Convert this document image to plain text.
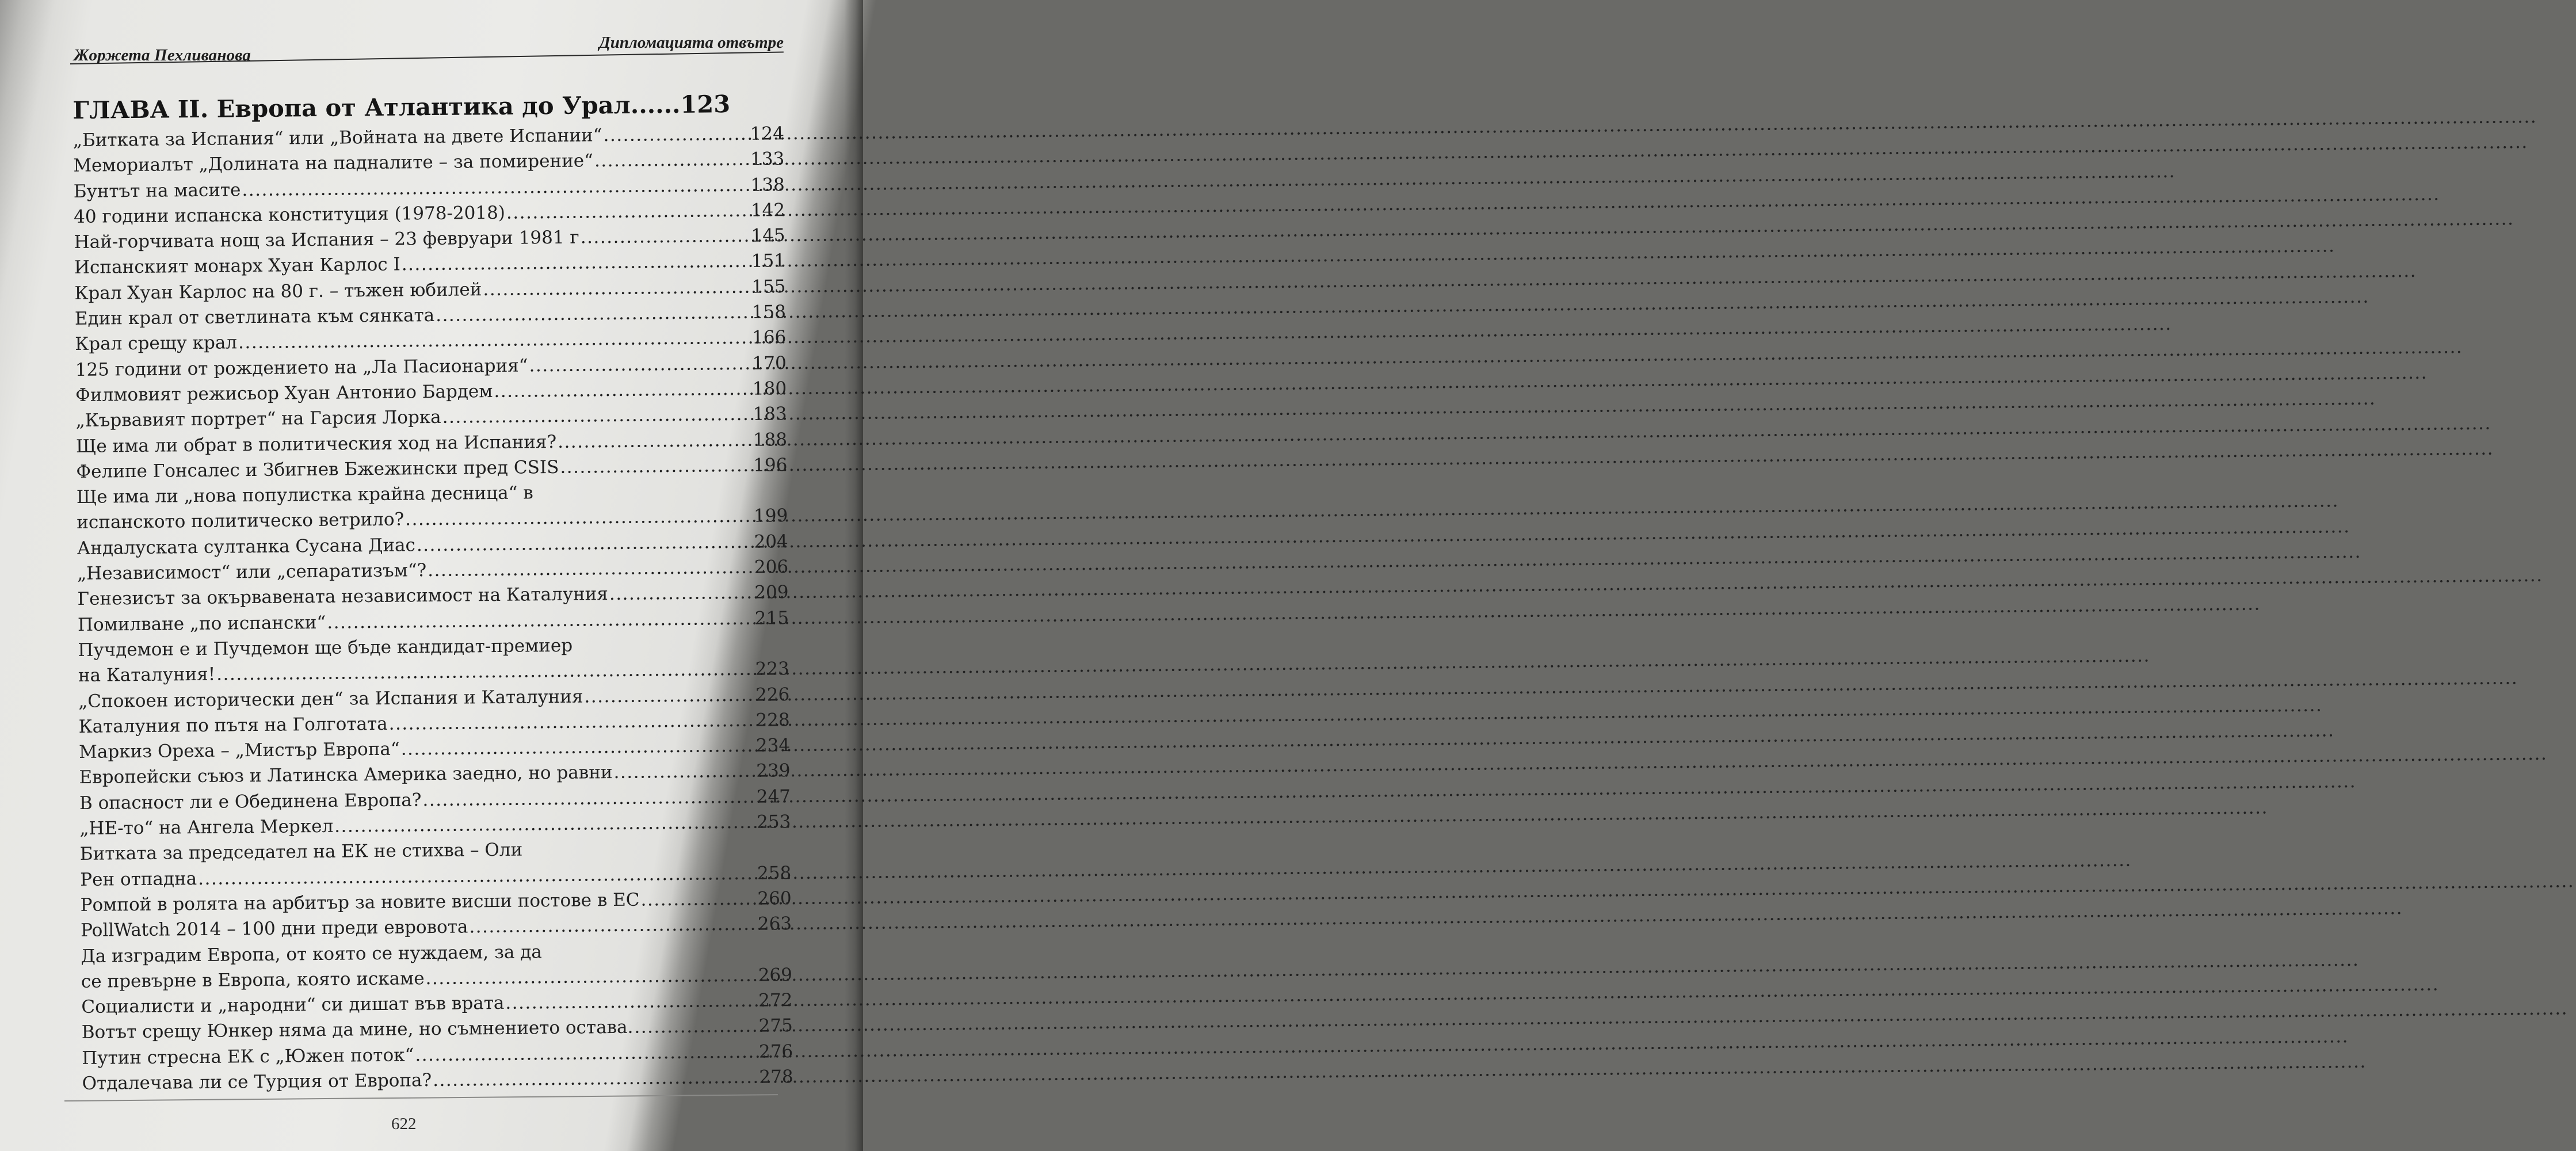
Жоржета Пехливанова
Дипломацията отвътре
ГЛАВА II. Европа от Атлантика до Урал......123
„Битката за Испания“ или „Войната на двете Испании“ .....	124
Мемориалът „Долината на падналите – за помирение“ .....	133
Бунтът на масите .....	138
40 години испанска конституция (1978-2018) .....	142
Най-горчивата нощ за Испания – 23 февруари 1981 г .....	145
Испанският монарх Хуан Карлос I .....	151
Крал Хуан Карлос на 80 г. – тъжен юбилей .....	155
Един крал от светлината към сянката .....	158
Крал срещу крал .....	166
125 години от рождението на „Ла Пасионария“ .....	170
Филмовият режисьор Хуан Антонио Бардем .....	180
„Кървавият портрет“ на Гарсия Лорка .....	183
Ще има ли обрат в политическия ход на Испания? .....	188
Фелипе Гонсалес и Збигнев Бжежински пред CSIS .....	196
Ще има ли „нова популистка крайна десница“ в
испанското политическо ветрило? .....	199
Андалуската султанка Сусана Диас .....	204
„Независимост“ или „сепаратизъм“? .....	206
Генезисът за окървавената независимост на Каталуния .....	209
Помилване „по испански“ .....	215
Пучдемон е и Пучдемон ще бъде кандидат-премиер
на Каталуния! .....	223
„Спокоен исторически ден“ за Испания и Каталуния .....	226
Каталуния по пътя на Голготата .....	228
Маркиз Ореха – „Мистър Европа“ .....	234
Европейски съюз и Латинска Америка заедно, но равни .....	239
В опасност ли е Обединена Европа? .....	247
„НЕ-то“ на Ангела Меркел .....	253
Битката за председател на ЕК не стихва – Оли
Рен отпадна .....	258
Ромпой в ролята на арбитър за новите висши постове в ЕС .....	260
PollWatch 2014 – 100 дни преди евровота .....	263
Да изградим Европа, от която се нуждаем, за да
се превърне в Европа, която искаме .....	269
Социалисти и „народни“ си дишат във врата .....	272
Вотът срещу Юнкер няма да мине, но съмнението остава. .....	275
Путин стресна ЕК с „Южен поток“ .....	276
Отдалечава ли се Турция от Европа? .....	278
622
